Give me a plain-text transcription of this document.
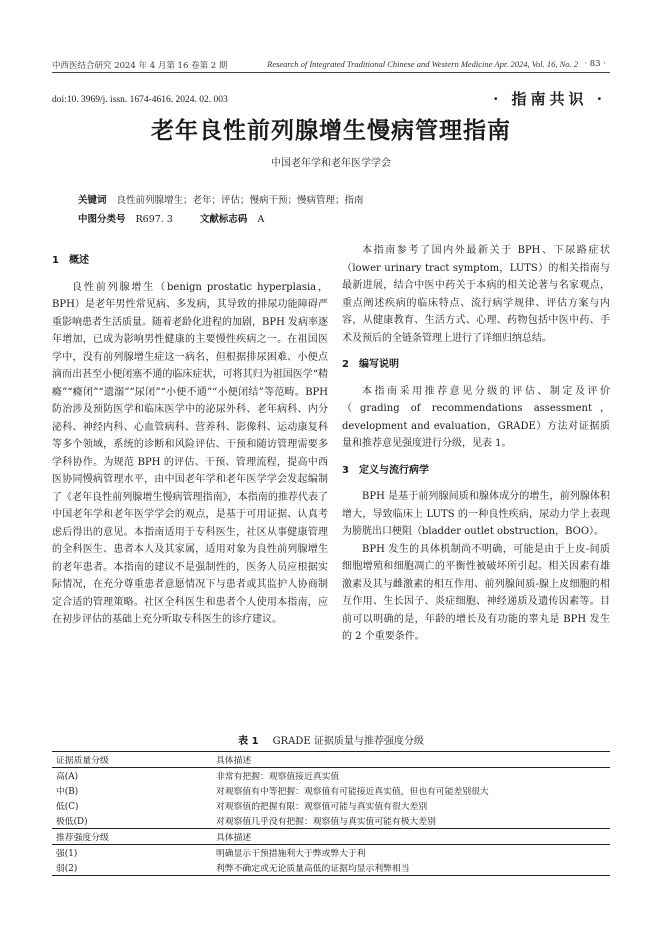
中西医结合研究 2024 年 4 月第 16 卷第 2 期	Research of Integrated Traditional Chinese and Western Medicine Apr. 2024, Vol. 16, No. 2 · 83 ·
doi:10. 3969/j. issn. 1674-4616. 2024. 02. 003	· 指南共识 ·
老年良性前列腺增生慢病管理指南
中国老年学和老年医学学会
关键词 良性前列腺增生；老年；评估；慢病干预；慢病管理；指南
中图分类号 R697. 3	文献标志码 A
1　概述

良性前列腺增生（benign prostatic hyperplasia，BPH）是老年男性常见病、多发病，其导致的排尿功能障碍严重影响患者生活质量。随着老龄化进程的加剧，BPH 发病率逐年增加，已成为影响男性健康的主要慢性疾病之一。在祖国医学中，没有前列腺增生症这一病名，但根据排尿困难、小便点滴而出甚至小便闭塞不通的临床症状，可将其归为祖国医学“精癃”“癃闭”“遗溺”“尿闭”“小便不通”“小便闭结”等范畴。BPH 防治涉及预防医学和临床医学中的泌尿外科、老年病科、内分泌科、神经内科、心血管病科、营养科、影像科、运动康复科等多个领域，系统的诊断和风险评估、干预和随访管理需要多学科协作。为规范 BPH 的评估、干预、管理流程，提高中西医协同慢病管理水平，由中国老年学和老年医学学会发起编制了《老年良性前列腺增生慢病管理指南》，本指南的推荐代表了中国老年学和老年医学学会的观点，是基于可用证据、认真考虑后得出的意见。本指南适用于专科医生，社区从事健康管理的全科医生、患者本人及其家属，适用对象为良性前列腺增生的老年患者。本指南的建议不是强制性的，医务人员应根据实际情况，在充分尊重患者意愿情况下与患者或其监护人协商制定合适的管理策略。社区全科医生和患者个人使用本指南，应在初步评估的基础上充分听取专科医生的诊疗建议。

本指南参考了国内外最新关于 BPH、下尿路症状（lower urinary tract symptom，LUTS）的相关指南与最新进展，结合中医中药关于本病的相关论著与名家观点，重点阐述疾病的临床特点、流行病学规律、评估方案与内容，从健康教育、生活方式、心理、药物包括中医中药、手术及预后的全链条管理上进行了详细归纳总结。

2　编写说明

本指南采用推荐意见分级的评估、制定及评价（grading of recommendations assessment，development and evaluation，GRADE）方法对证据质量和推荐意见强度进行分级，见表 1。

3　定义与流行病学

BPH 是基于前列腺间质和腺体成分的增生，前列腺体积增大，导致临床上 LUTS 的一种良性疾病，尿动力学上表现为膀胱出口梗阻（bladder outlet obstruction，BOO）。

BPH 发生的具体机制尚不明确，可能是由于上皮-间质细胞增殖和细胞凋亡的平衡性被破坏所引起。相关因素有雄激素及其与雌激素的相互作用、前列腺间质-腺上皮细胞的相互作用、生长因子、炎症细胞、神经递质及遗传因素等。目前可以明确的是，年龄的增长及有功能的睾丸是 BPH 发生的 2 个重要条件。

表 1 GRADE 证据质量与推荐强度分级
证据质量分级	具体描述
高(A)	非常有把握：观察值接近真实值
中(B)	对观察值有中等把握：观察值有可能接近真实值，但也有可能差别很大
低(C)	对观察值的把握有限：观察值可能与真实值有很大差别
极低(D)	对观察值几乎没有把握：观察值与真实值可能有极大差别
推荐强度分级	具体描述
强(1)	明确显示干预措施利大于弊或弊大于利
弱(2)	利弊不确定或无论质量高低的证据均显示利弊相当
